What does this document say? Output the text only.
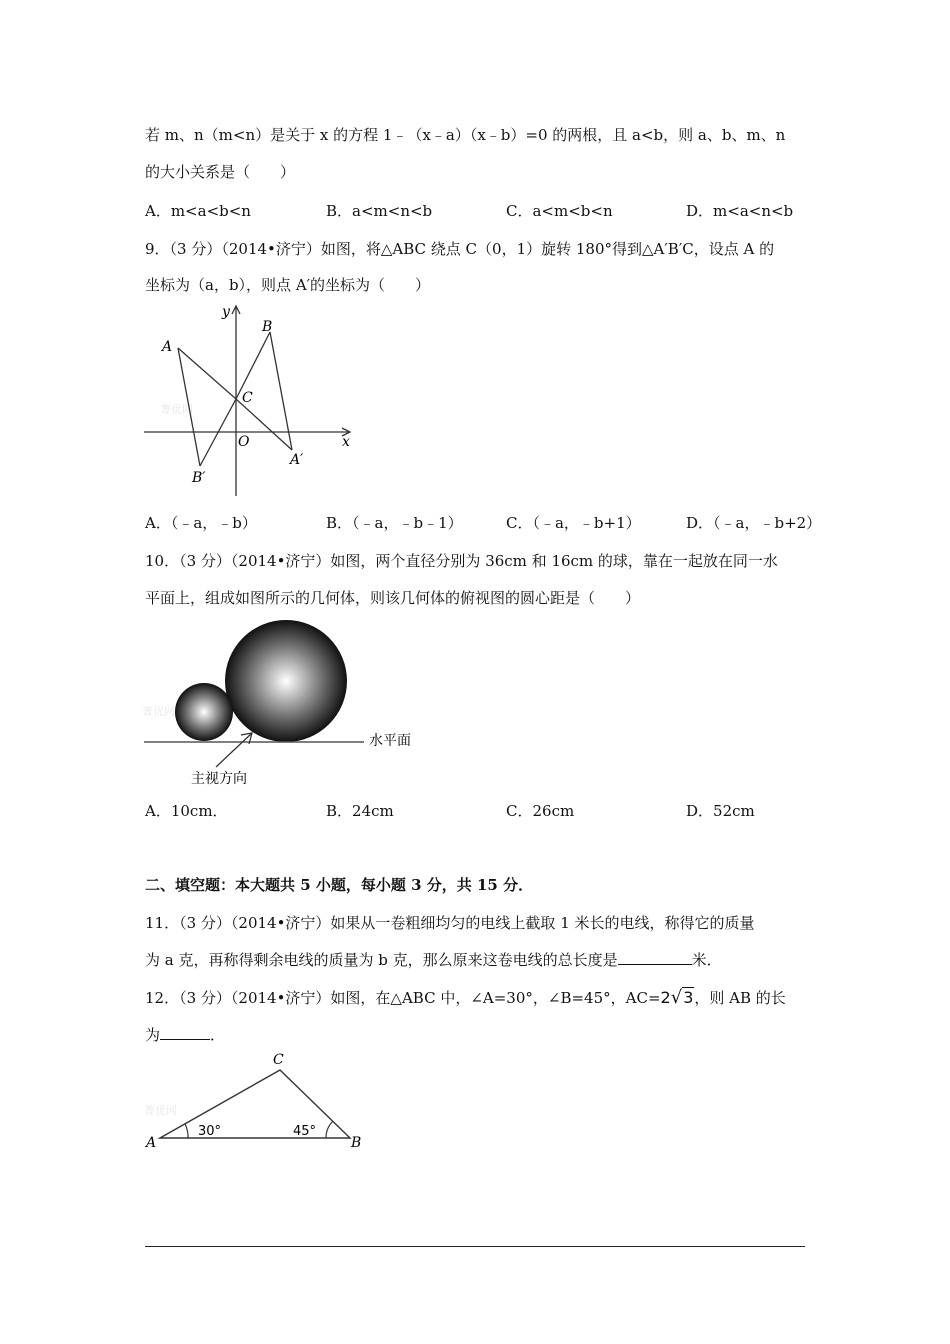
若 m、n（m<n）是关于 x 的方程 1﹣（x﹣a）（x﹣b）=0 的两根，且 a<b，则 a、b、m、n
的大小关系是（　　）
A．m<a<b<n	B．a<m<n<b	C．a<m<b<n	D．m<a<n<b
9．（3 分）（2014•济宁）如图，将△ABC 绕点 C（0，1）旋转 180°得到△A′B′C，设点 A 的
坐标为（a，b），则点 A′的坐标为（　　）
菁优网
y
B
A
C
O	x
A′
B′
A．（﹣a，﹣b）	B．（﹣a，﹣b﹣1）	C．（﹣a，﹣b+1）	D．（﹣a，﹣b+2）
10．（3 分）（2014•济宁）如图，两个直径分别为 36cm 和 16cm 的球，靠在一起放在同一水
平面上，组成如图所示的几何体，则该几何体的俯视图的圆心距是（　　）
菁优网
水平面
主视方向
A．10cm．	B．24cm	C．26cm	D．52cm
二、填空题：本大题共 5 小题，每小题 3 分，共 15 分．
11．（3 分）（2014•济宁）如果从一卷粗细均匀的电线上截取 1 米长的电线，称得它的质量
为 a 克，再称得剩余电线的质量为 b 克，那么原来这卷电线的总长度是	米．
12．（3 分）（2014•济宁）如图，在△ABC 中，∠A=30°，∠B=45°，AC=2√3，则 AB 的长
为	．
菁优网
30°	45°
C
A	B
